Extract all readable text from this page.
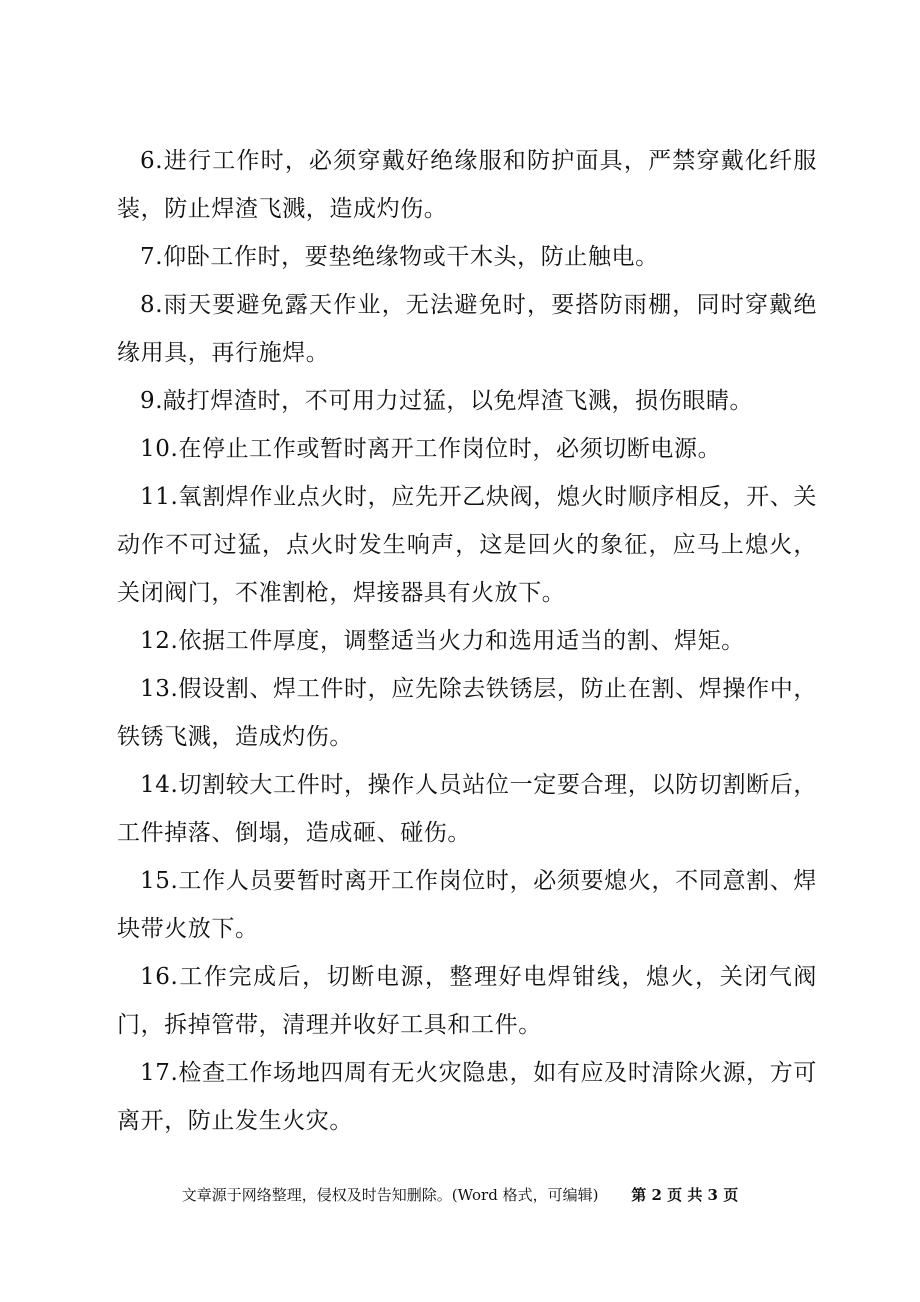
6.进行工作时，必须穿戴好绝缘服和防护面具，严禁穿戴化纤服装，防止焊渣飞溅，造成灼伤。

7.仰卧工作时，要垫绝缘物或干木头，防止触电。

8.雨天要避免露天作业，无法避免时，要搭防雨棚，同时穿戴绝缘用具，再行施焊。

9.敲打焊渣时，不可用力过猛，以免焊渣飞溅，损伤眼睛。

10.在停止工作或暂时离开工作岗位时，必须切断电源。

11.氧割焊作业点火时，应先开乙炔阀，熄火时顺序相反，开、关动作不可过猛，点火时发生响声，这是回火的象征，应马上熄火，关闭阀门，不准割枪，焊接器具有火放下。

12.依据工件厚度，调整适当火力和选用适当的割、焊矩。

13.假设割、焊工件时，应先除去铁锈层，防止在割、焊操作中，铁锈飞溅，造成灼伤。

14.切割较大工件时，操作人员站位一定要合理，以防切割断后，工件掉落、倒塌，造成砸、碰伤。

15.工作人员要暂时离开工作岗位时，必须要熄火，不同意割、焊块带火放下。

16.工作完成后，切断电源，整理好电焊钳线，熄火，关闭气阀门，拆掉管带，清理并收好工具和工件。

17.检查工作场地四周有无火灾隐患，如有应及时清除火源，方可离开，防止发生火灾。

文章源于网络整理，侵权及时告知删除。(Word 格式，可编辑) 第 2 页 共 3 页
